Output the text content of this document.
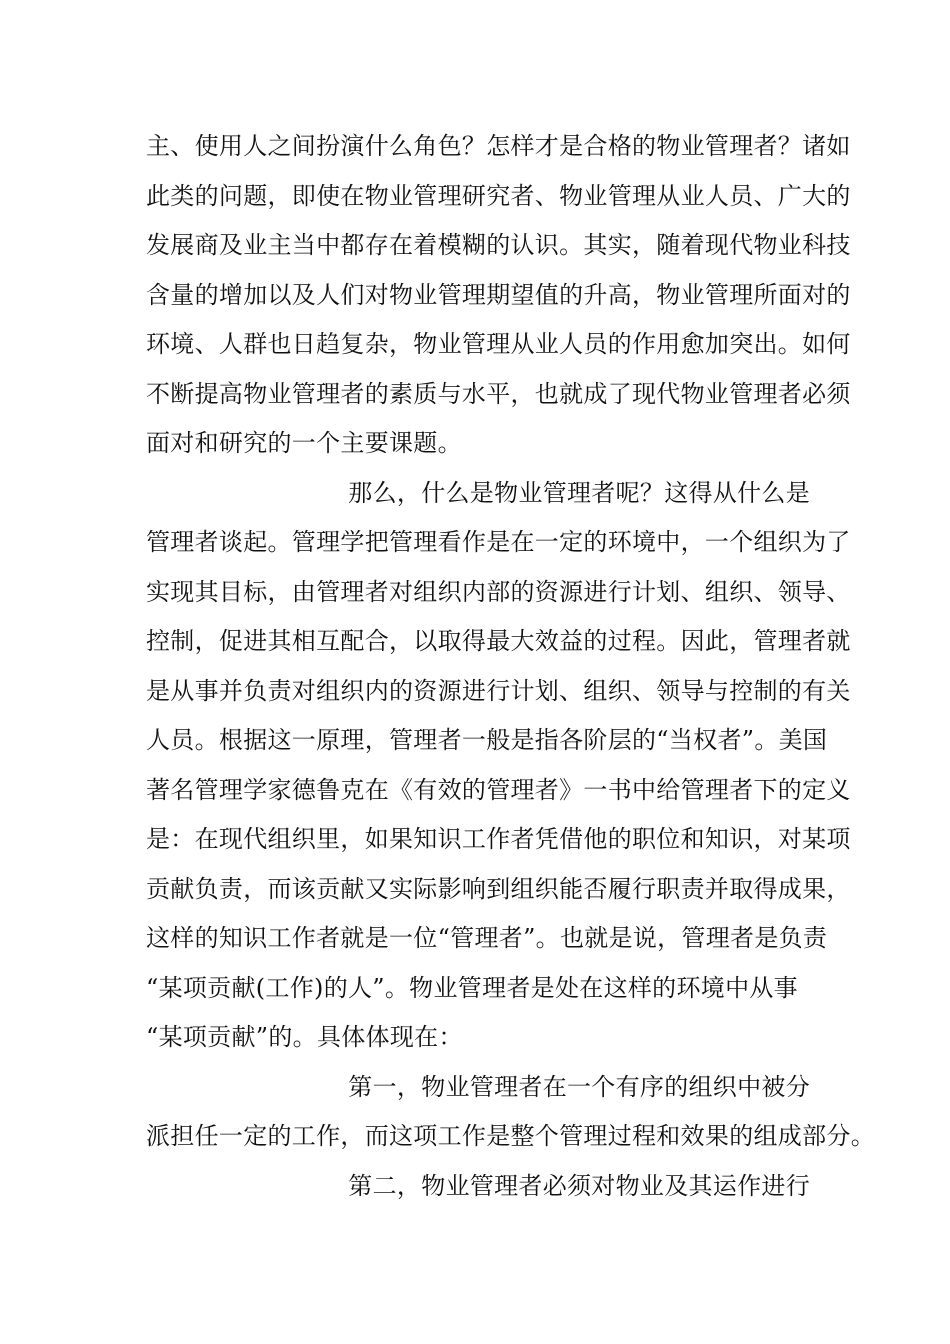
主、使用人之间扮演什么角色？怎样才是合格的物业管理者？诸如
此类的问题，即使在物业管理研究者、物业管理从业人员、广大的
发展商及业主当中都存在着模糊的认识。其实，随着现代物业科技
含量的增加以及人们对物业管理期望值的升高，物业管理所面对的
环境、人群也日趋复杂，物业管理从业人员的作用愈加突出。如何
不断提高物业管理者的素质与水平，也就成了现代物业管理者必须
面对和研究的一个主要课题。
那么，什么是物业管理者呢？这得从什么是
管理者谈起。管理学把管理看作是在一定的环境中，一个组织为了
实现其目标，由管理者对组织内部的资源进行计划、组织、领导、
控制，促进其相互配合，以取得最大效益的过程。因此，管理者就
是从事并负责对组织内的资源进行计划、组织、领导与控制的有关
人员。根据这一原理，管理者一般是指各阶层的“当权者”。美国
著名管理学家德鲁克在《有效的管理者》一书中给管理者下的定义
是：在现代组织里，如果知识工作者凭借他的职位和知识，对某项
贡献负责，而该贡献又实际影响到组织能否履行职责并取得成果，
这样的知识工作者就是一位“管理者”。也就是说，管理者是负责
“某项贡献(工作)的人”。物业管理者是处在这样的环境中从事
“某项贡献”的。具体体现在：
第一，物业管理者在一个有序的组织中被分
派担任一定的工作，而这项工作是整个管理过程和效果的组成部分。
第二，物业管理者必须对物业及其运作进行
